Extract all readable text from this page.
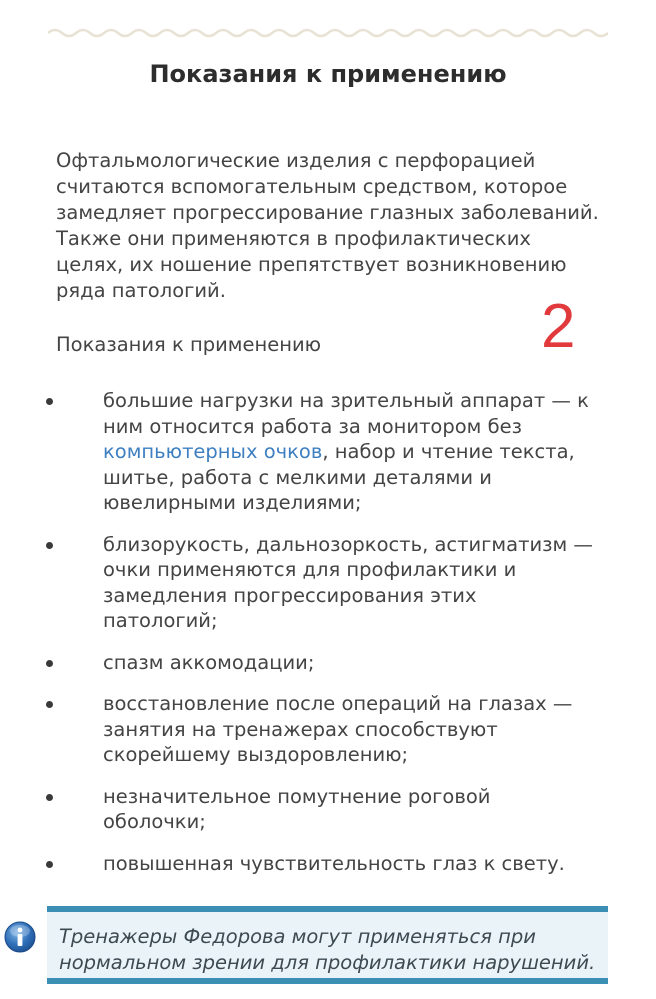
Показания к применению

Офтальмологические изделия с перфорацией считаются вспомогательным средством, которое замедляет прогрессирование глазных заболеваний. Также они применяются в профилактических целях, их ношение препятствует возникновению ряда патологий.

2

Показания к применению

большие нагрузки на зрительный аппарат — к ним относится работа за монитором без компьютерных очков, набор и чтение текста, шитье, работа с мелкими деталями и ювелирными изделиями;
близорукость, дальнозоркость, астигматизм — очки применяются для профилактики и замедления прогрессирования этих патологий;
спазм аккомодации;
восстановление после операций на глазах — занятия на тренажерах способствуют скорейшему выздоровлению;
незначительное помутнение роговой оболочки;
повышенная чувствительность глаз к свету.

Тренажеры Федорова могут применяться при нормальном зрении для профилактики нарушений.
